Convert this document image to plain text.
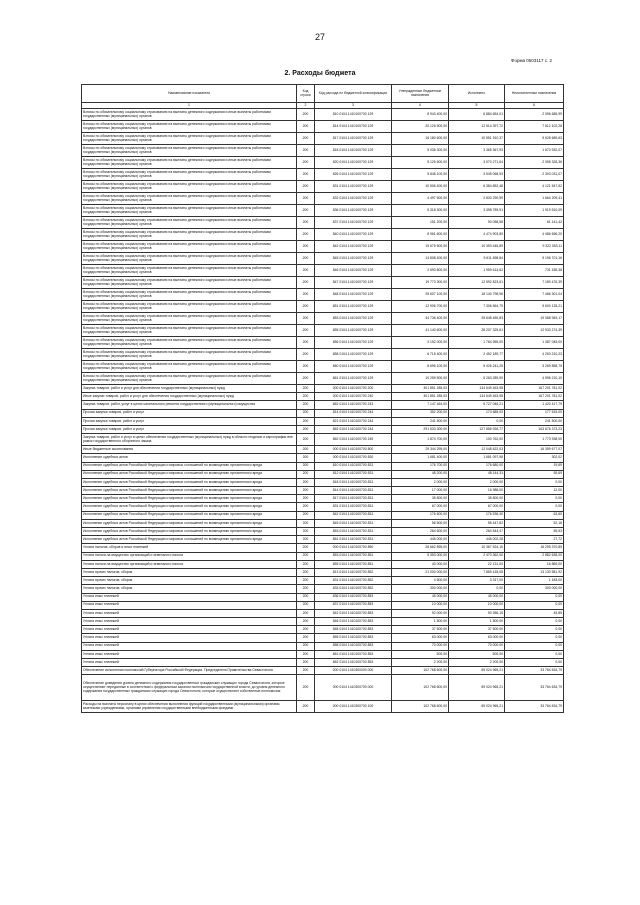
27
Форма 0503117 с. 2
2. Расходы бюджета
Наименование показателя	Код строки	Код расхода по бюджетной классификации	Утвержденные бюджетные назначения	Исполнено	Неисполненные назначения
1	2	3	4	5	6
Взносы по обязательному социальному страхованию на выплаты денежного содержания и иные выплаты работникам государственных (муниципальных) органов	200	810 0104 1410100700 129	8 943 400,00	6 884 654,01	2 056 685,99
Взносы по обязательному социальному страхованию на выплаты денежного содержания и иные выплаты работникам государственных (муниципальных) органов	200	814 0104 1410100700 129	20 126 500,00	12 514 397,72	7 612 102,28
Взносы по обязательному социальному страхованию на выплаты денежного содержания и иные выплаты работникам государственных (муниципальных) органов	200	817 0104 1410100700 129	16 180 600,00	10 551 910,37	5 628 689,63
Взносы по обязательному социальному страхованию на выплаты денежного содержания и иные выплаты работникам государственных (муниципальных) органов	200	818 0104 1410100700 129	5 036 300,00	3 365 367,93	1 670 932,07
Взносы по обязательному социальному страхованию на выплаты денежного содержания и иные выплаты работникам государственных (муниципальных) органов	200	820 0104 1410100700 129	5 125 600,00	3 070 271,64	2 055 328,36
Взносы по обязательному социальному страхованию на выплаты денежного содержания и иные выплаты работникам государственных (муниципальных) органов	200	826 0104 1410100700 129	5 848 100,00	3 545 068,93	2 303 031,07
Взносы по обязательному социальному страхованию на выплаты денежного содержания и иные выплаты работникам государственных (муниципальных) органов	200	831 0104 1410100700 129	10 506 400,00	6 384 852,48	4 121 547,52
Взносы по обязательному социальному страхованию на выплаты денежного содержания и иные выплаты работникам государственных (муниципальных) органов	200	832 0104 1410100700 129	4 497 500,00	2 833 290,59	1 664 209,41
Взносы по обязательному социальному страхованию на выплаты денежного содержания и иные выплаты работникам государственных (муниципальных) органов	200	836 0104 1410100700 129	5 318 300,00	3 398 789,91	1 919 510,09
Взносы по обязательному социальному страхованию на выплаты денежного содержания и иные выплаты работникам государственных (муниципальных) органов	200	837 0104 1410100700 129	151 200,00	90 058,58	61 141,42
Взносы по обязательному социальному страхованию на выплаты денежного содержания и иные выплаты работникам государственных (муниципальных) органов	200	840 0104 1410100700 129	8 961 600,00	4 474 903,80	4 486 696,20
Взносы по обязательному социальному страхованию на выплаты денежного содержания и иные выплаты работникам государственных (муниципальных) органов	200	842 0104 1410100700 129	19 675 500,00	10 353 446,89	9 322 053,11
Взносы по обязательному социальному страхованию на выплаты денежного содержания и иные выплаты работникам государственных (муниципальных) органов	200	845 0104 1410100700 129	14 808 400,00	9 611 698,84	5 196 701,16
Взносы по обязательному социальному страхованию на выплаты денежного содержания и иные выплаты работникам государственных (муниципальных) органов	200	846 0104 1410100700 129	2 690 800,00	1 959 614,62	731 185,38
Взносы по обязательному социальному страхованию на выплаты денежного содержания и иные выплаты работникам государственных (муниципальных) органов	200	847 0104 1410100700 129	19 773 300,00	12 592 823,61	7 180 476,39
Взносы по обязательному социальному страхованию на выплаты денежного содержания и иные выплаты работникам государственных (муниципальных) органов	200	848 0104 1410100700 129	25 607 100,00	18 140 798,96	7 466 301,04
Взносы по обязательному социальному страхованию на выплаты денежного содержания и иные выплаты работникам государственных (муниципальных) органов	200	851 0104 1410100700 129	12 906 700,00	7 306 564,79	5 600 135,21
Взносы по обязательному социальному страхованию на выплаты денежного содержания и иные выплаты работникам государственных (муниципальных) органов	200	853 0104 1410100700 129	44 736 400,00	25 648 450,83	19 088 949,17
Взносы по обязательному социальному страхованию на выплаты денежного содержания и иные выплаты работникам государственных (муниципальных) органов	200	855 0104 1410100700 129	41 140 600,00	28 207 325,61	12 933 274,39
Взносы по обязательному социальному страхованию на выплаты денежного содержания и иные выплаты работникам государственных (муниципальных) органов	200	856 0104 1410100700 129	3 152 000,00	1 764 955,00	1 387 045,00
Взносы по обязательному социальному страхованию на выплаты денежного содержания и иные выплаты работникам государственных (муниципальных) органов	200	858 0104 1410100700 129	6 715 400,00	2 452 189,77	4 263 210,23
Взносы по обязательному социальному страхованию на выплаты денежного содержания и иные выплаты работникам государственных (муниципальных) органов	200	860 0104 1410100700 129	8 696 100,00	5 426 241,25	3 269 858,75
Взносы по обязательному социальному страхованию на выплаты денежного содержания и иные выплаты работникам государственных (муниципальных) органов	200	861 0104 1410100700 129	10 259 500,00	5 263 289,90	4 996 210,10
Закупка товаров, работ и услуг для обеспечения государственных (муниципальных) нужд	200	000 0104 1410100700 200	301 851 285,00	134 649 463,98	167 201 781,02
Иные закупки товаров, работ и услуг для обеспечения государственных (муниципальных) нужд	200	000 0104 1410100700 240	301 851 285,00	134 649 463,98	167 201 781,02
Закупка товаров, работ, услуг в целях капитального ремонта государственного (муниципального) имущества	200	862 0104 1410100700 243	7 147 464,00	5 727 046,21	1 420 417,79
Прочая закупка товаров, работ и услуг	200	814 0104 1410100700 244	352 200,00	174 685,00	177 515,00
Прочая закупка товаров, работ и услуг	200	821 0104 1410100700 244	241 500,00	0,00	241 500,00
Прочая закупка товаров, работ и услуг	200	862 0104 1410100700 244	291 533 300,00	127 856 926,77	163 676 373,23
Закупка товаров, работ и услуг в целях обеспечения государственных (муниципальных) нужд в области геодезии и картографии вне рамок государственного оборонного заказа	200	862 0104 1410100700 245	1 874 700,00	100 762,00	1 773 938,00
Иные бюджетные ассигнования	200	000 0104 1410100700 800	29 344 295,00	12 048 622,03	16 359 677,07
Исполнение судебных актов	200	000 0104 1410100700 830	1 681 400,00	1 681 097,98	302,02
Исполнение судебных актов Российской Федерации и мировых соглашений по возмещению причиненного вреда	200	810 0104 1410100700 831	176 700,00	176 680,00	19,69
Исполнение судебных актов Российской Федерации и мировых соглашений по возмещению причиненного вреда	200	812 0104 1410100700 831	48 200,00	48 144,31	55,69
Исполнение судебных актов Российской Федерации и мировых соглашений по возмещению причиненного вреда	200	818 0104 1410100700 831	2 000,00	2 000,00	0,00
Исполнение судебных актов Российской Федерации и мировых соглашений по возмещению причиненного вреда	200	814 0104 1410100700 831	17 000,00	16 988,00	12,00
Исполнение судебных актов Российской Федерации и мировых соглашений по возмещению причиненного вреда	200	817 0104 1410100700 831	35 800,00	35 800,00	0,00
Исполнение судебных актов Российской Федерации и мировых соглашений по возмещению причиненного вреда	200	831 0104 1410100700 831	67 000,00	67 000,00	0,00
Исполнение судебных актов Российской Федерации и мировых соглашений по возмещению причиненного вреда	200	842 0104 1410100700 831	176 600,00	176 536,40	63,60
Исполнение судебных актов Российской Федерации и мировых соглашений по возмещению причиненного вреда	200	845 0104 1410100700 831	56 500,00	56 447,82	52,18
Исполнение судебных актов Российской Федерации и мировых соглашений по возмещению причиненного вреда	200	853 0104 1410100700 831	264 600,00	264 544,47	55,53
Исполнение судебных актов Российской Федерации и мировых соглашений по возмещению причиненного вреда	200	861 0104 1410100700 831	445 000,00	445 002,28	27,72
Уплата налогов, сборов и иных платежей	200	000 0104 1410100700 850	26 662 895,00	10 367 524,15	16 295 370,85
Уплата налога на имущество организаций и земельного налога	200	853 0104 1410100700 851	5 353 000,00	2 470 362,00	2 882 638,00
Уплата налога на имущество организаций и земельного налога	200	855 0104 1410100700 851	40 000,00	22 131,00	16 869,00
Уплата прочих налогов, сборов	200	813 0104 1410100700 852	21 000 000,00	7 869 418,08	13 130 581,92
Уплата прочих налогов, сборов	200	831 0104 1410100700 852	4 500,00	3 317,00	1 183,00
Уплата прочих налогов, сборов	200	833 0104 1410100700 852	300 000,00	0,00	300 000,00
Уплата иных платежей	200	836 0104 1410100700 853	45 000,00	45 000,00	0,00
Уплата иных платежей	200	837 0104 1410100700 853	10 000,00	10 000,00	0,00
Уплата иных платежей	200	842 0104 1410100700 853	92 000,00	90 356,15	45,85
Уплата иных платежей	200	846 0104 1410100700 853	1 500,00	1 500,00	0,00
Уплата иных платежей	200	848 0104 1410100700 853	37 500,00	37 500,00	0,00
Уплата иных платежей	200	855 0104 1410100700 853	63 000,00	63 000,00	0,00
Уплата иных платежей	200	858 0104 1410100700 853	70 000,00	70 000,00	0,00
Уплата иных платежей	200	861 0104 1410100700 853	500,00	500,00	0,00
Уплата иных платежей	200	862 0104 1410100700 853	2 200,00	2 200,00	0,00
Обеспечение исполнения полномочий Губернатора Российской Федерации, Председателя Правительства Севастополя	200	000 0104 1410300000 000	102 768 600,00	69 024 965,21	33 764 634,79
Обеспечение доведения уровня денежного содержания государственных гражданских служащих города Севастополя, которые осуществляют переданные в соответствии с федеральным законом полномочия государственной власти, до уровня денежного содержания государственных гражданских служащих города Севастополя, которые осуществляют собственные полномочия	200	000 0104 1410300700 000	102 768 600,00	69 024 965,21	33 764 634,79
Расходы на выплаты персоналу в целях обеспечения выполнения функций государственными (муниципальными) органами, казенными учреждениями, органами управления государственными внебюджетными фондами	200	000 0104 1410300700 100	102 768 600,00	69 024 965,21	33 764 634,79
